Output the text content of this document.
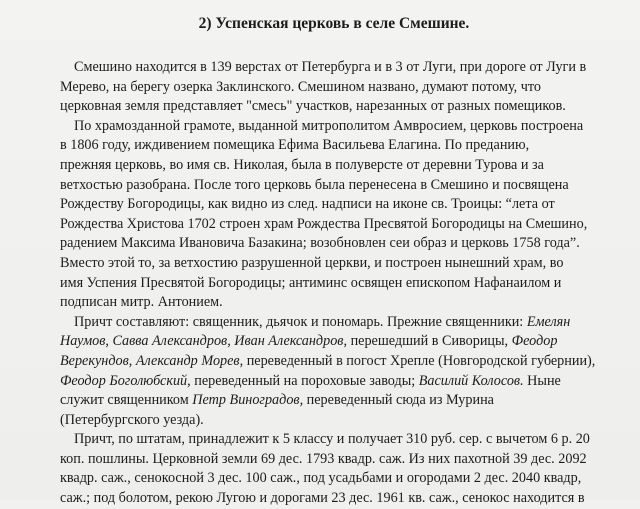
2) Успенская церковь в селе Смешине.
Смешино находится в 139 верстах от Петербурга и в 3 от Луги, при дороге от Луги в
Мерево, на берегу озерка Заклинского. Смешином названо, думают потому, что
церковная земля представляет "смесь" участков, нарезанных от разных помещиков.
По храмозданной грамоте, выданной митрополитом Амвросием, церковь построена
в 1806 году, иждивением помещика Ефима Васильева Елагина. По преданию,
прежняя церковь, во имя св. Николая, была в полуверсте от деревни Турова и за
ветхостью разобрана. После того церковь была перенесена в Смешино и посвящена
Рождеству Богородицы, как видно из след. надписи на иконе св. Троицы: “лета от
Рождества Христова 1702 строен храм Рождества Пресвятой Богородицы на Смешино,
радением Максима Ивановича Базакина; возобновлен сеи образ и церковь 1758 года”.
Вместо этой то, за ветхостию разрушенной церкви, и построен нынешний храм, во
имя Успения Пресвятой Богородицы; антиминс освящен епископом Нафанаилом и
подписан митр. Антонием.
Причт составляют: священник, дьячок и пономарь. Прежние священники: Емелян
Наумов, Савва Александров, Иван Александров, перешедший в Сиворицы, Феодор
Верекундов, Александр Морев, переведенный в погост Хрепле (Новгородской губернии),
Феодор Боголюбский, переведенный на пороховые заводы; Василий Колосов. Ныне
служит священником Петр Виноградов, переведенный сюда из Мурина
(Петербургского уезда).
Причт, по штатам, принадлежит к 5 классу и получает 310 руб. сер. с вычетом 6 р. 20
коп. пошлины. Церковной земли 69 дес. 1793 квадр. саж. Из них пахотной 39 дес. 2092
квадр. саж., сенокосной 3 дес. 100 саж., под усадьбами и огородами 2 дес. 2040 квадр,
саж.; под болотом, рекою Лугою и дорогами 23 дес. 1961 кв. саж., сенокос находится в
